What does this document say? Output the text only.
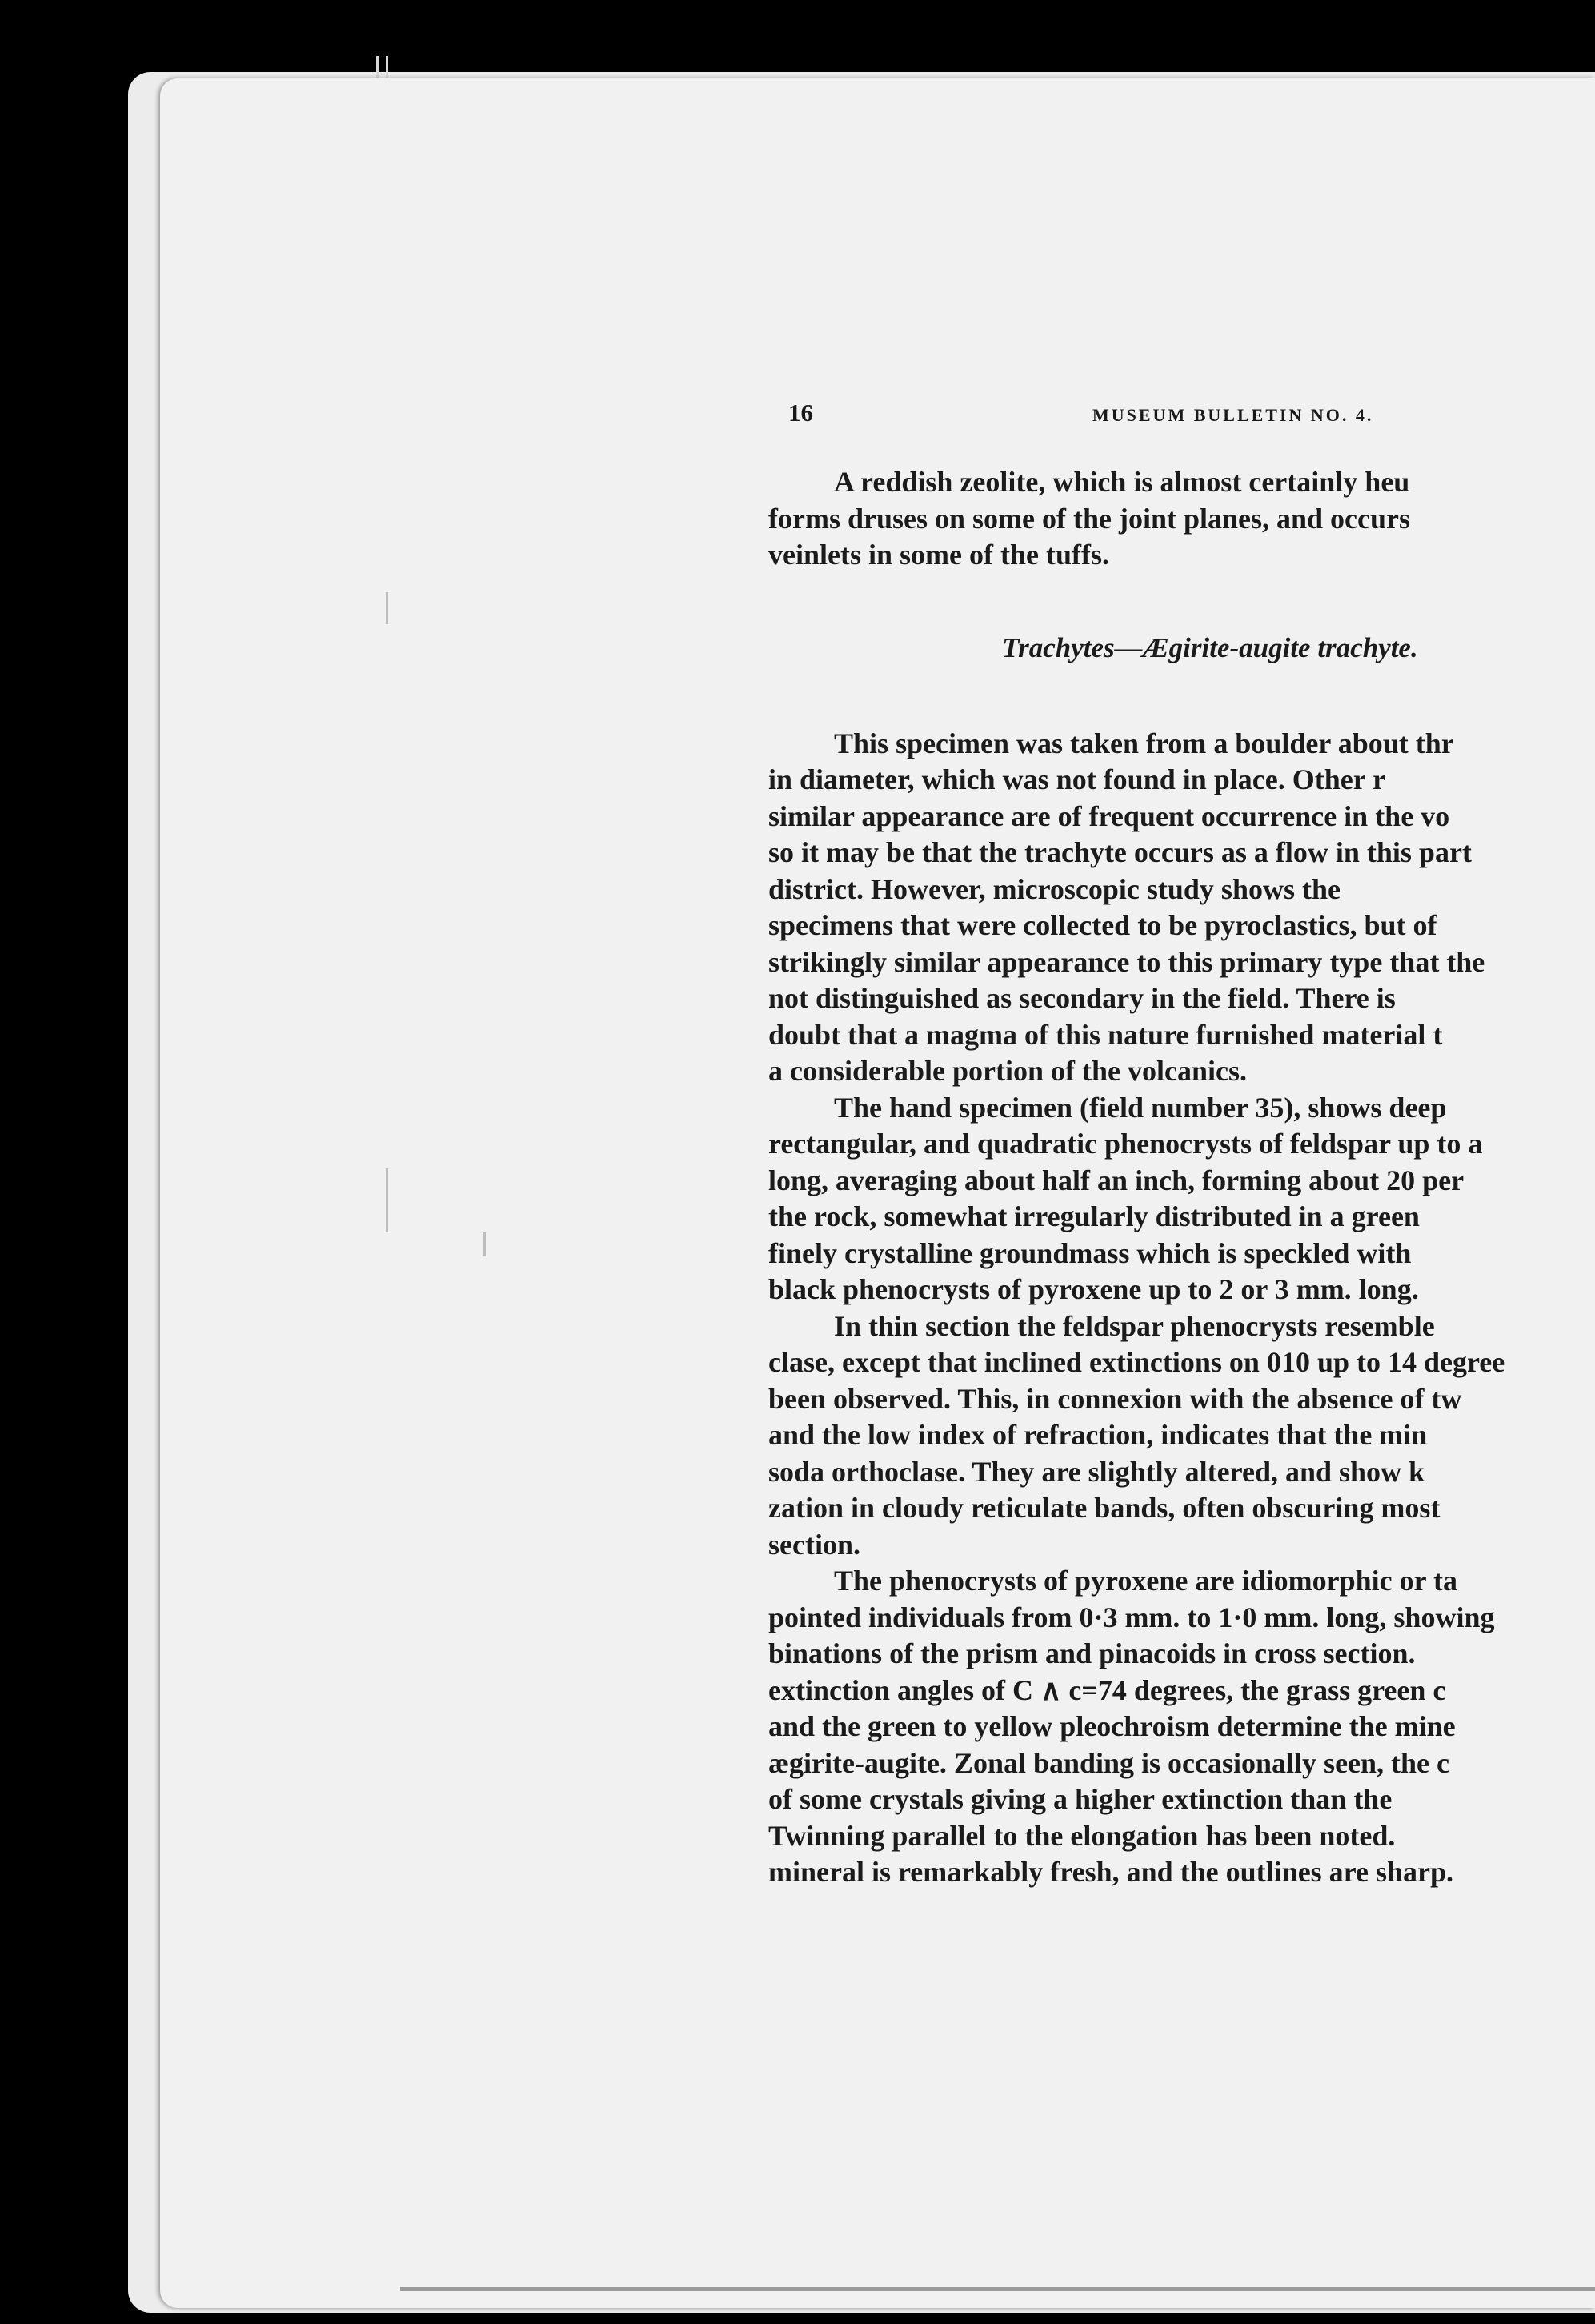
16	MUSEUM BULLETIN NO. 4.
A reddish zeolite, which is almost certainly heu
forms druses on some of the joint planes, and occurs
veinlets in some of the tuffs.
Trachytes—Ægirite-augite trachyte.
This specimen was taken from a boulder about thr
in diameter, which was not found in place. Other r
similar appearance are of frequent occurrence in the vo
so it may be that the trachyte occurs as a flow in this part
district. However, microscopic study shows the
specimens that were collected to be pyroclastics, but of
strikingly similar appearance to this primary type that the
not distinguished as secondary in the field. There is
doubt that a magma of this nature furnished material t
a considerable portion of the volcanics.
The hand specimen (field number 35), shows deep
rectangular, and quadratic phenocrysts of feldspar up to a
long, averaging about half an inch, forming about 20 per
the rock, somewhat irregularly distributed in a green
finely crystalline groundmass which is speckled with
black phenocrysts of pyroxene up to 2 or 3 mm. long.
In thin section the feldspar phenocrysts resemble
clase, except that inclined extinctions on 010 up to 14 degree
been observed. This, in connexion with the absence of tw
and the low index of refraction, indicates that the min
soda orthoclase. They are slightly altered, and show k
zation in cloudy reticulate bands, often obscuring most
section.
The phenocrysts of pyroxene are idiomorphic or ta
pointed individuals from 0·3 mm. to 1·0 mm. long, showing
binations of the prism and pinacoids in cross section.
extinction angles of C ∧ c=74 degrees, the grass green c
and the green to yellow pleochroism determine the mine
ægirite-augite. Zonal banding is occasionally seen, the c
of some crystals giving a higher extinction than the
Twinning parallel to the elongation has been noted.
mineral is remarkably fresh, and the outlines are sharp.
